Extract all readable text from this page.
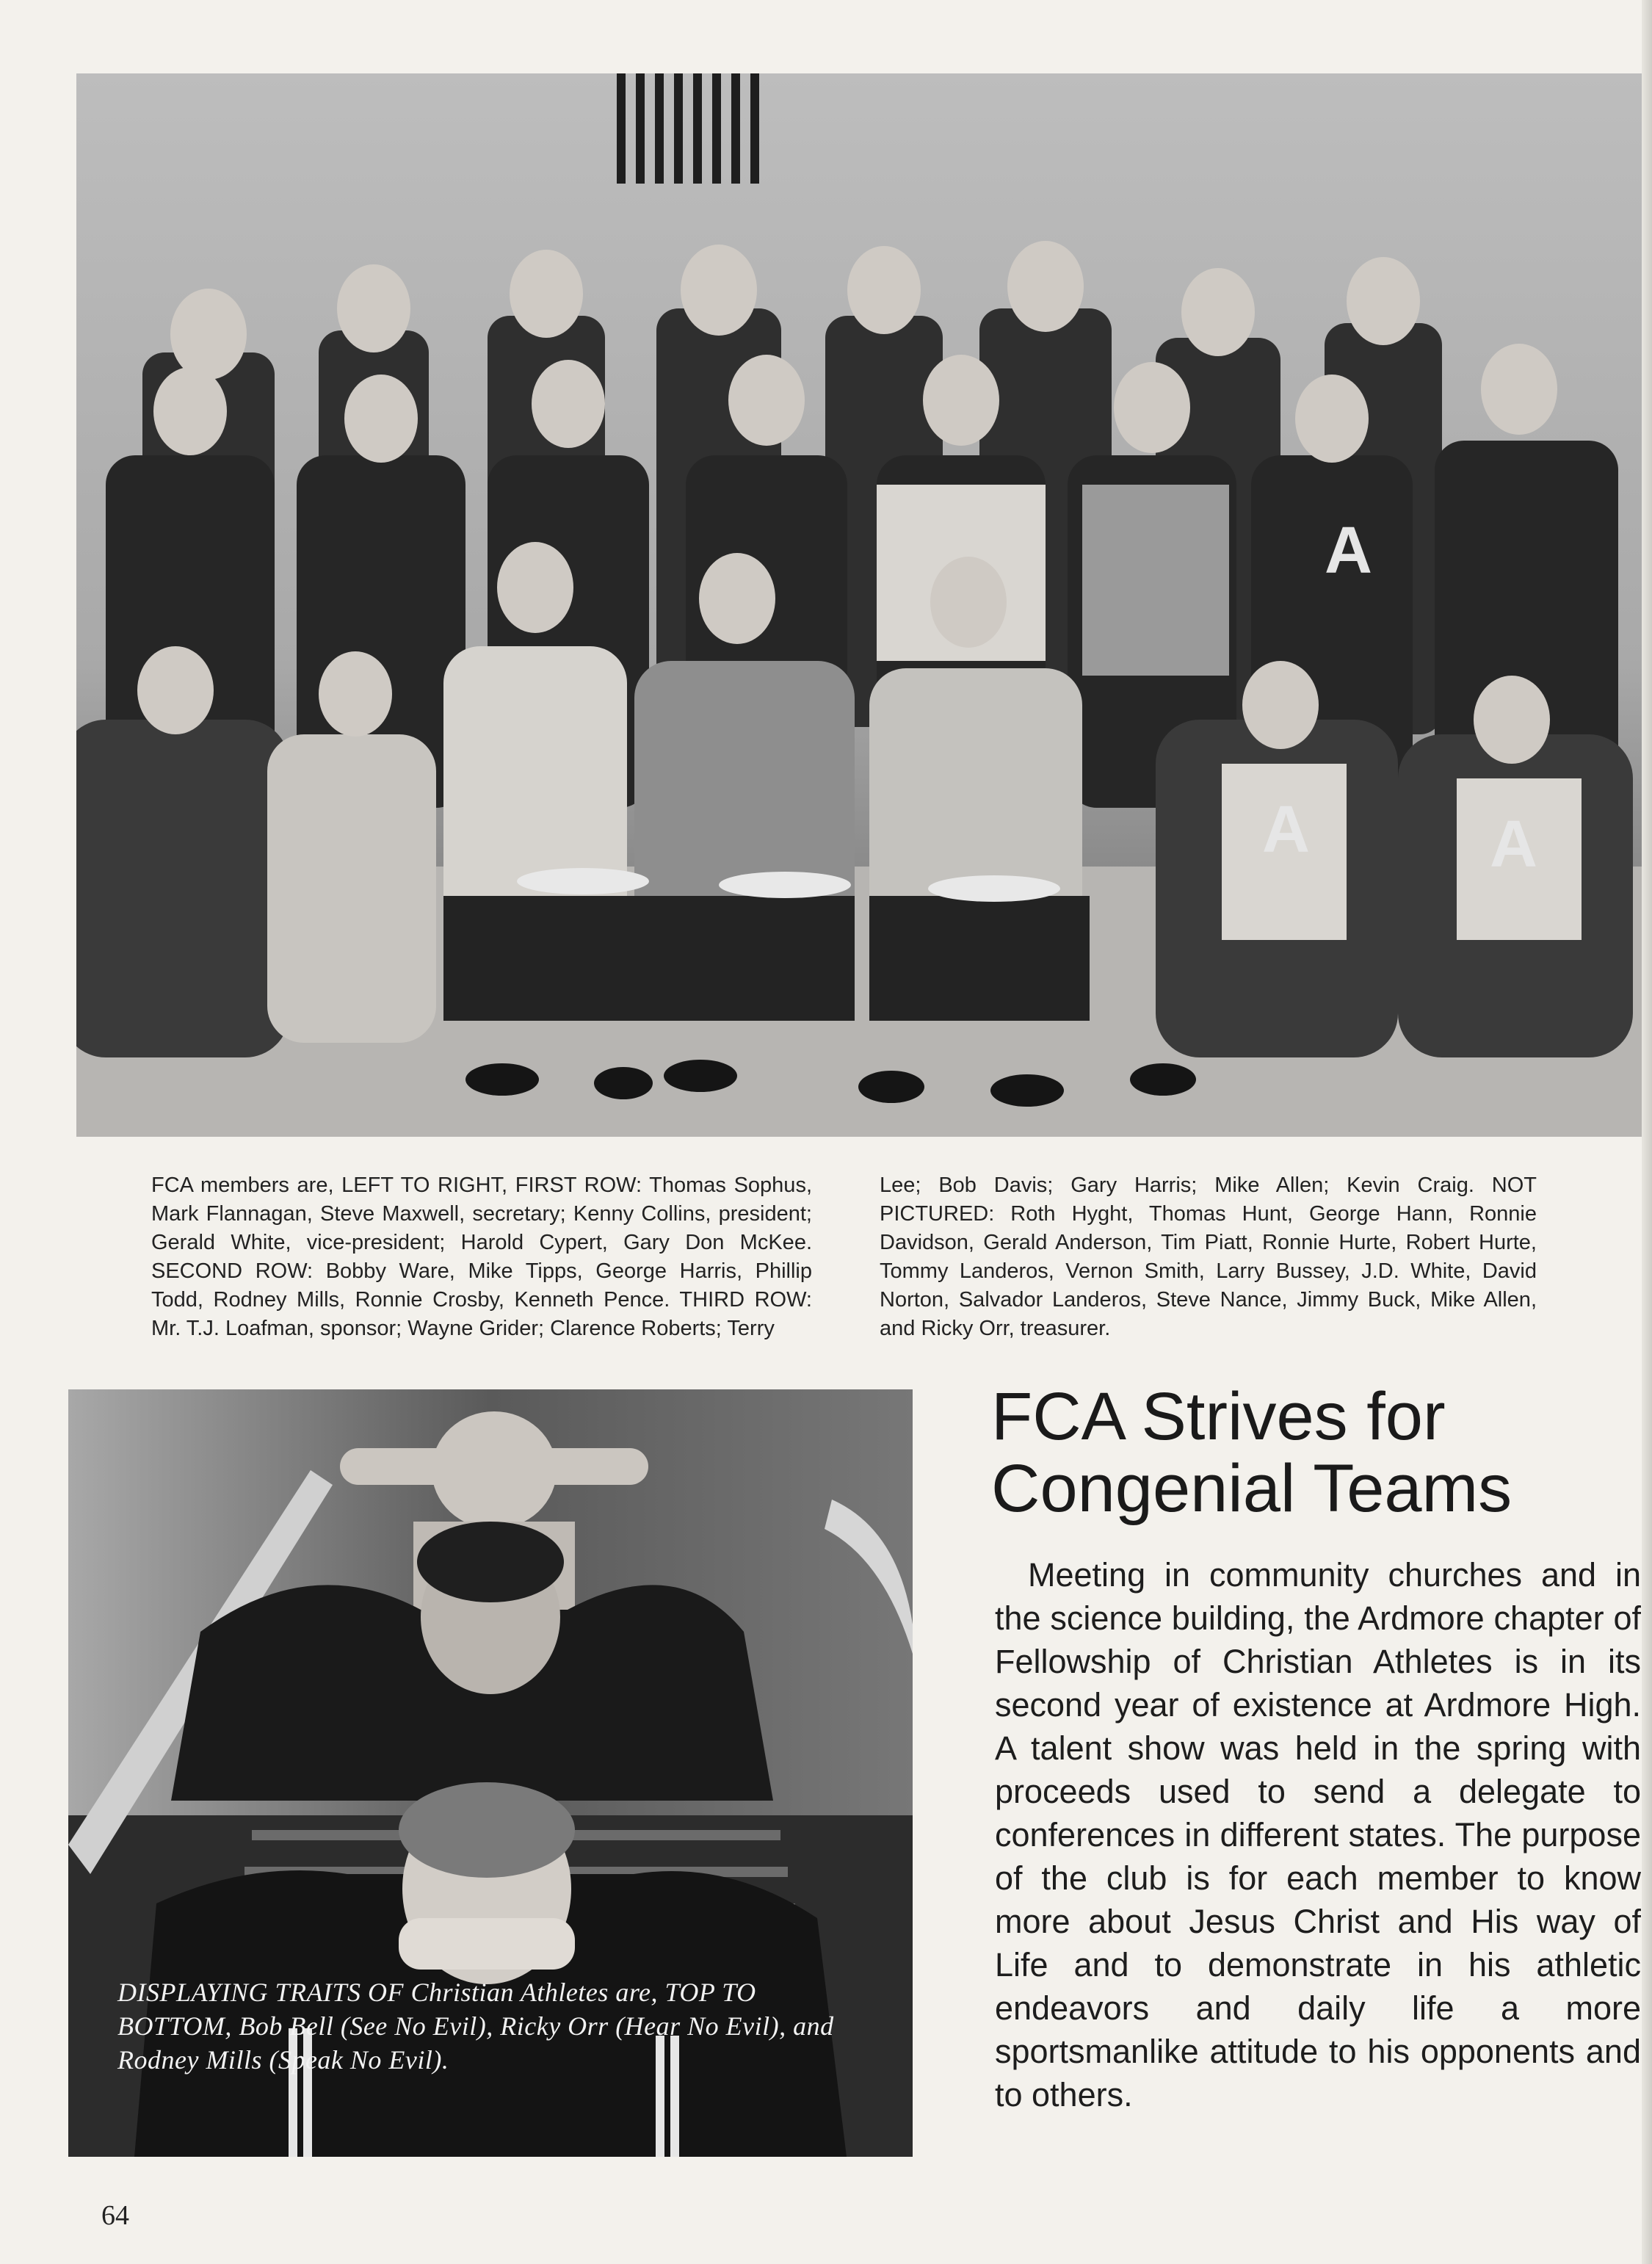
A
A	A
FCA members are, LEFT TO RIGHT, FIRST ROW: Thomas Sophus, Mark Flannagan, Steve Maxwell, secretary; Kenny Collins, president; Gerald White, vice-president; Harold Cypert, Gary Don McKee. SECOND ROW: Bobby Ware, Mike Tipps, George Harris, Phillip Todd, Rodney Mills, Ronnie Crosby, Kenneth Pence. THIRD ROW: Mr. T.J. Loafman, sponsor; Wayne Grider; Clarence Roberts; Terry
Lee; Bob Davis; Gary Harris; Mike Allen; Kevin Craig. NOT PICTURED: Roth Hyght, Thomas Hunt, George Hann, Ronnie Davidson, Gerald Anderson, Tim Piatt, Ronnie Hurte, Robert Hurte, Tommy Landeros, Vernon Smith, Larry Bussey, J.D. White, David Norton, Salvador Landeros, Steve Nance, Jimmy Buck, Mike Allen, and Ricky Orr, treasurer.
DISPLAYING TRAITS OF Christian Athletes are, TOP TO BOTTOM, Bob Bell (See No Evil), Ricky Orr (Hear No Evil), and Rodney Mills (Speak No Evil).
FCA Strives for
Congenial Teams
Meeting in community churches and in the science building, the Ardmore chapter of Fellowship of Christian Athletes is in its second year of existence at Ardmore High. A talent show was held in the spring with proceeds used to send a delegate to conferences in different states. The purpose of the club is for each member to know more about Jesus Christ and His way of Life and to demonstrate in his athletic endeavors and daily life a more sportsmanlike attitude to his opponents and to others.
64
